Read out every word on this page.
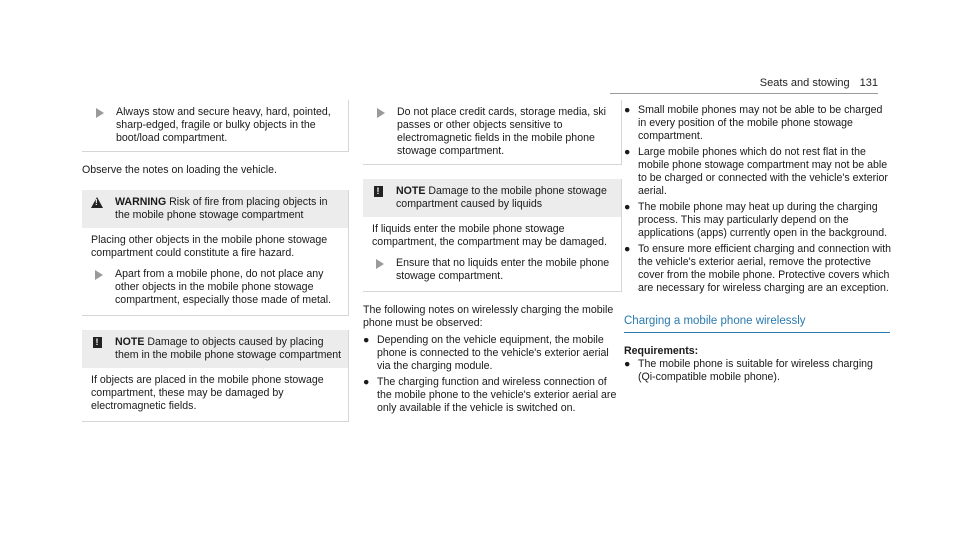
Seats and stowing 131

Always stow and secure heavy, hard, pointed, sharp-edged, fragile or bulky objects in the boot/load compartment.

Observe the notes on loading the vehicle.

!

WARNING Risk of fire from placing objects in the mobile phone stowage compartment

Placing other objects in the mobile phone stowage compartment could constitute a fire hazard.

Apart from a mobile phone, do not place any other objects in the mobile phone stowage compartment, especially those made of metal.

! NOTE Damage to objects caused by placing them in the mobile phone stowage compartment

If objects are placed in the mobile phone stowage compartment, these may be damaged by electromagnetic fields.

Do not place credit cards, storage media, ski passes or other objects sensitive to electromagnetic fields in the mobile phone stowage compartment.

! NOTE Damage to the mobile phone stowage compartment caused by liquids

If liquids enter the mobile phone stowage compartment, the compartment may be damaged.

Ensure that no liquids enter the mobile phone stowage compartment.

The following notes on wirelessly charging the mobile phone must be observed:

● Depending on the vehicle equipment, the mobile phone is connected to the vehicle's exterior aerial via the charging module.

● The charging function and wireless connection of the mobile phone to the vehicle's exterior aerial are only available if the vehicle is switched on.

● Small mobile phones may not be able to be charged in every position of the mobile phone stowage compartment.

● Large mobile phones which do not rest flat in the mobile phone stowage compartment may not be able to be charged or connected with the vehicle's exterior aerial.

● The mobile phone may heat up during the charging process. This may particularly depend on the applications (apps) currently open in the background.

● To ensure more efficient charging and connection with the vehicle's exterior aerial, remove the protective cover from the mobile phone. Protective covers which are necessary for wireless charging are an exception.

Charging a mobile phone wirelessly

Requirements:

● The mobile phone is suitable for wireless charging (Qi-compatible mobile phone).
